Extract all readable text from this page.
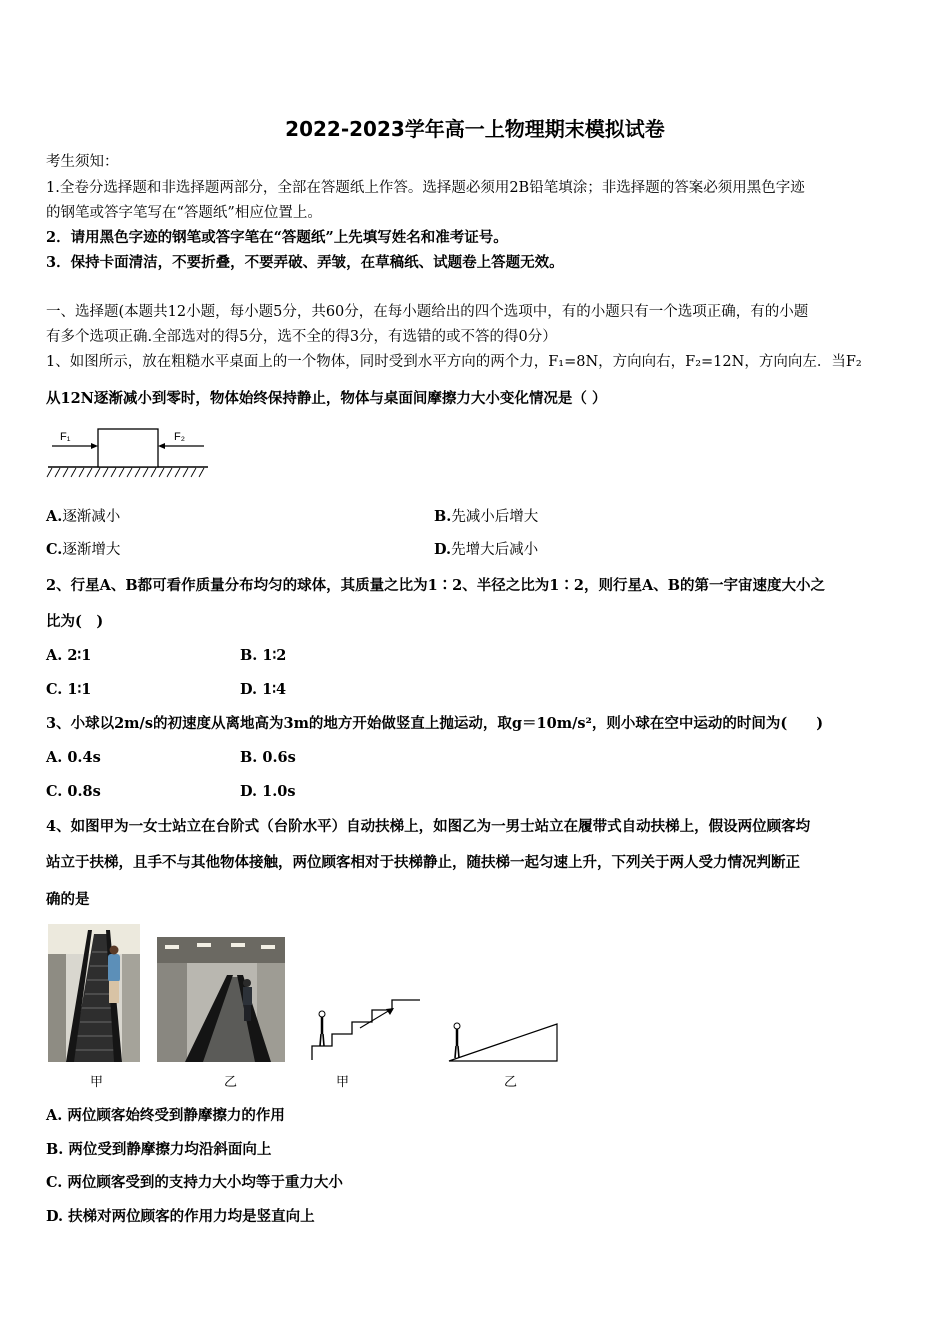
2022-2023学年高一上物理期末模拟试卷
考生须知：
1.全卷分选择题和非选择题两部分，全部在答题纸上作答。选择题必须用2B铅笔填涂；非选择题的答案必须用黑色字迹
的钢笔或答字笔写在“答题纸”相应位置上。
2．请用黑色字迹的钢笔或答字笔在“答题纸”上先填写姓名和准考证号。
3．保持卡面清洁，不要折叠，不要弄破、弄皱，在草稿纸、试题卷上答题无效。
一、选择题(本题共12小题，每小题5分，共60分，在每小题给出的四个选项中，有的小题只有一个选项正确，有的小题
有多个选项正确.全部选对的得5分，选不全的得3分，有选错的或不答的得0分）
1、如图所示，放在粗糙水平桌面上的一个物体，同时受到水平方向的两个力，F₁=8N，方向向右，F₂=12N，方向向左．当F₂
从12N逐渐减小到零时，物体始终保持静止，物体与桌面间摩擦力大小变化情况是（ ）
F₁	F₂
A.逐渐减小	B.先减小后增大
C.逐渐增大	D.先增大后减小
2、行星A、B都可看作质量分布均匀的球体，其质量之比为1∶2、半径之比为1∶2，则行星A、B的第一宇宙速度大小之
比为(　)
A. 2∶1	B. 1∶2
C. 1∶1	D. 1∶4
3、小球以2m/s的初速度从离地高为3m的地方开始做竖直上抛运动，取g＝10m/s²，则小球在空中运动的时间为(　　)
A. 0.4s	B. 0.6s
C. 0.8s	D. 1.0s
4、如图甲为一女士站立在台阶式（台阶水平）自动扶梯上，如图乙为一男士站立在履带式自动扶梯上，假设两位顾客均
站立于扶梯，且手不与其他物体接触，两位顾客相对于扶梯静止，随扶梯一起匀速上升，下列关于两人受力情况判断正
确的是
甲	乙	甲	乙
A. 两位顾客始终受到静摩擦力的作用
B. 两位受到静摩擦力均沿斜面向上
C. 两位顾客受到的支持力大小均等于重力大小
D. 扶梯对两位顾客的作用力均是竖直向上
